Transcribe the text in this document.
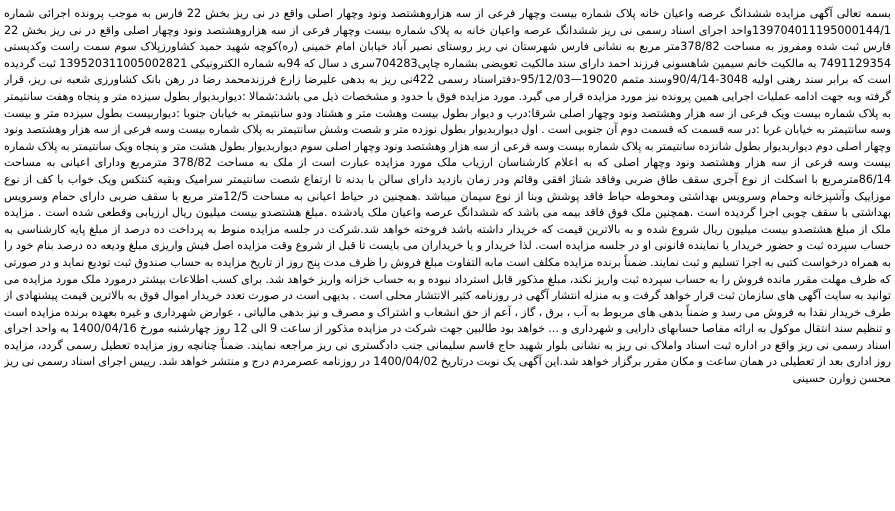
بسمه تعالی آگهی مزایده ششدانگ عرصه واعیان خانه پلاک شماره بیست وچهار فرعی از سه هزاروهشتصد ونود وچهار اصلی واقع در نی ریز بخش 22 فارس به موجب پرونده اجرائی شماره 139704011195000144/1واحد اجرای اسناد رسمی نی ریز ششدانگ عرصه واعیان خانه به پلاک شماره بیست وچهار فرعی از سه هزاروهشتصد ونود وچهار اصلی واقع در نی ریز بخش 22 فارس ثبت شده ومفروز به مساحت 378/82متر مربع به نشانی فارس شهرستان نی ریز روستای نصیر آباد خیابان امام خمینی (ره)کوچه شهید حمید کشاورزپلاک سوم سمت راست وکدپستی 7491129354 به مالکیت خانم سیمین شاهسونی فرزند احمد دارای سند مالکیت تعویضی بشماره چاپی704283سری د سال که 94به شماره الکترونیکی 139520311005002821 ثبت گردیده است که برابر سند رهنی اولیه 3048-90/4/14وسند متمم 19020—95/12/03-دفتراسناد رسمی 422نی ریز به بدهی علیرضا زارع فرزندمحمد رضا در رهن بانک کشاورزی شعبه نی ریز، قرار گرفته وبه جهت ادامه عملیات اجرایی همین پرونده نیز مورد مزایده قرار می گیرد. مورد مزایده فوق با حدود و مشخصات ذیل می باشد:شمالا :دیواربدیوار بطول سیزده متر و پنجاه وهفت سانتیمتر به پلاک شماره بیست ویک فرعی از سه هزار وهشتصد ونود وچهار اصلی شرقا:درب و دیوار بطول بیست وهشت متر و هشتاد ودو سانتیمتر به خیابان جنوبا :دیواربیست بطول سیزده متر و بیست وسه سانتیمتر به خیابان غربا :در سه قسمت که قسمت دوم آن جنوبی است . اول دیواربدیوار بطول نوزده متر و شصت وشش سانتیمتر به پلاک شماره بیست وسه فرعی از سه هزار وهشتصد ونود وچهار اصلی دوم دیواربدیوار بطول شانزده سانتیمتر به پلاک شماره بیست وسه فرعی از سه هزار وهشتصد ونود وچهار اصلی سوم دیواربدیوار بطول هشت متر و پنجاه ویک سانتیمتر به پلاک شماره بیست وسه فرعی از سه هزار وهشتصد ونود وچهار اصلی که به اعلام کارشناسان ارزیاب ملک مورد مزایده عبارت است از ملک به مساحت 378/82 مترمربع ودارای اعیانی به مساحت 86/14مترمربع با اسکلت از نوع آجری سقف طاق ضربی وفاقد شناژ افقی وقائم ودر زمان بازدید دارای سالن با بدنه تا ارتفاع شصت سانتیمتر سرامیک وبقیه کنتکس ویک خواب با کف از نوع موزاییک وآشپزخانه وحمام وسرویس بهداشتی ومحوطه حیاط فاقد پوشش وبنا از نوع سیمان میباشد .همچنین در حیاط اعیانی به مساحت 12/5متر مربع با سقف ضربی دارای حمام وسرویس بهداشتی با سقف چوبی اجرا گردیده است .همچنین ملک فوق فاقد بیمه می باشد که ششدانگ عرصه واعیان ملک یادشده .مبلغ هشتصدو بیست میلیون ریال ارزیابی وقطعی شده است . مزایده ملک از مبلغ هشتصدو بیست میلیون ریال شروع شده و به بالاترین قیمت که خریدار داشته باشد فروخته خواهد شد.شرکت در جلسه مزایده منوط به پرداخت ده درصد از مبلغ پایه کارشناسی به حساب سپرده ثبت و حضور خریدار یا نماینده قانونی او در جلسه مزایده است. لذا خریدار و یا خریداران می بایست تا قبل از شروع وقت مزایده اصل فیش واریزی مبلغ ودیعه ده درصد بنام خود را به همراه درخواست کتبی به اجرا تسلیم و ثبت نمایند. ضمناً برنده مزایده مکلف است مابه التفاوت مبلغ فروش را ظرف مدت پنج روز از تاریخ مزایده به حساب صندوق ثبت تودیع نماید و در صورتی که ظرف مهلت مقرر مانده فروش را به حساب سپرده ثبت واریز نکند، مبلغ مذکور قابل استرداد نبوده و به حساب خزانه واریز خواهد شد. برای کسب اطلاعات بیشتر درمورد ملک مورد مزایده می توانید به سایت آگهی های سازمان ثبت قرار خواهد گرفت و به منزله انتشار آگهی در روزنامه کثیر الانتشار محلی است . بدیهی است در صورت تعدد خریدار اموال فوق به بالاترین قیمت پیشنهادی از طرف خریدار نقدا به فروش می رسد و ضمناً بدهی های مربوط به آب ، برق ، گاز ، آعم از حق انشعاب و اشتراک و مصرف و نیز بدهی مالیاتی ، عوارض شهرداری و غیره بعهده برنده مزایده است و تنظیم سند انتقال موکول به ارائه مفاصا حسابهای دارایی و شهرداری و ... خواهد بود طالبین جهت شرکت در مزایده مذکور از ساعت 9 الی 12 روز چهارشنبه مورخ 1400/04/16 به واحد اجرای اسناد رسمی نی ریز واقع در اداره ثبت اسناد واملاک نی ریز به نشانی بلوار شهید حاج قاسم سلیمانی جنب دادگستری نی ریز مراجعه نمایند. ضمناً چنانچه روز مزایده تعطیل رسمی گردد، مزایده روز اداری بعد از تعطیلی در همان ساعت و مکان مقرر برگزار خواهد شد.این آگهی یک نوبت درتاریخ 1400/04/02 در روزنامه عصرمردم درج و منتشر خواهد شد. رییس اجرای اسناد رسمی نی ریز محسن زوارن حسینی
